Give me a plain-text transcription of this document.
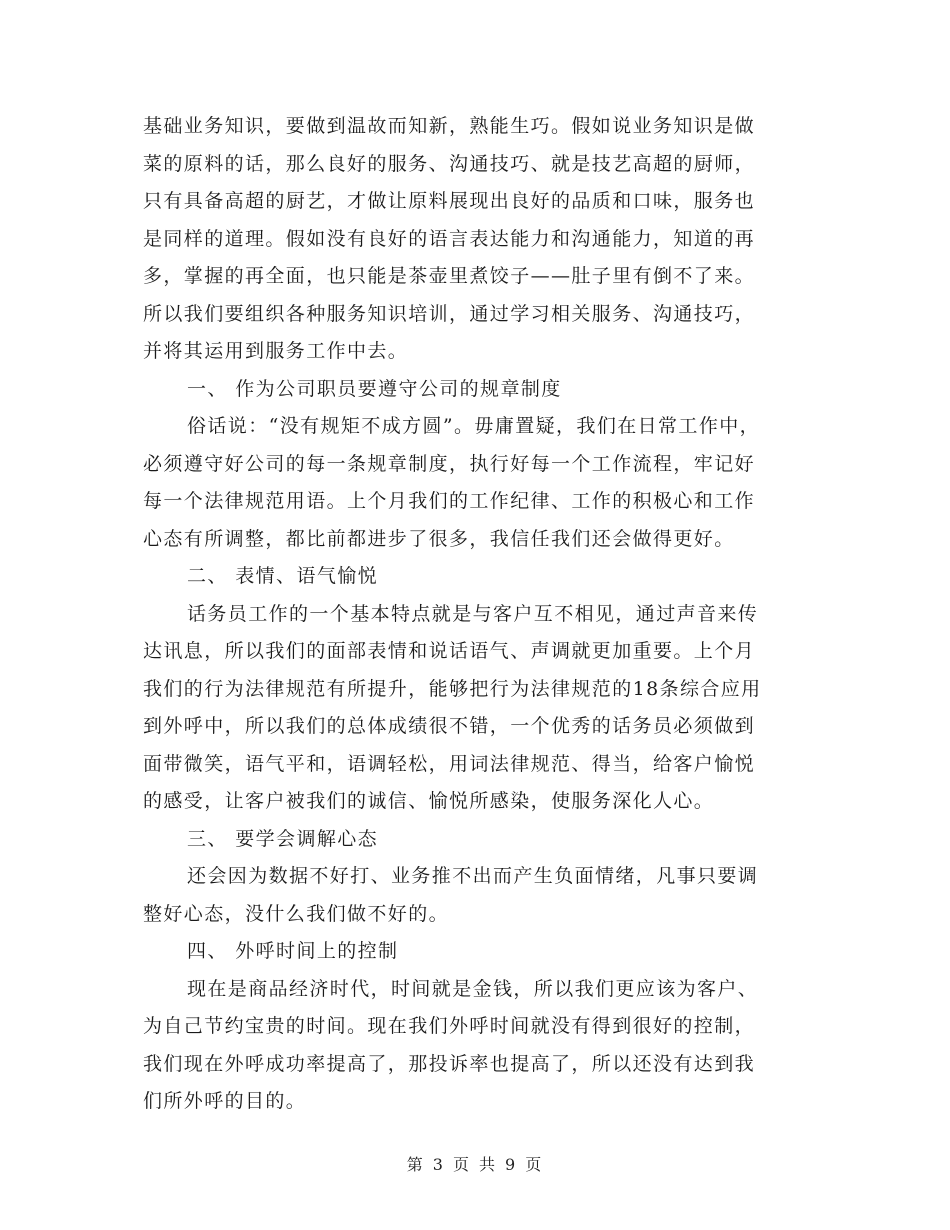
基础业务知识，要做到温故而知新，熟能生巧。假如说业务知识是做
菜的原料的话，那么良好的服务、沟通技巧、就是技艺高超的厨师，
只有具备高超的厨艺，才做让原料展现出良好的品质和口味，服务也
是同样的道理。假如没有良好的语言表达能力和沟通能力，知道的再
多，掌握的再全面，也只能是茶壶里煮饺子——肚子里有倒不了来。
所以我们要组织各种服务知识培训，通过学习相关服务、沟通技巧，
并将其运用到服务工作中去。
一、 作为公司职员要遵守公司的规章制度
俗话说：“没有规矩不成方圆”。毋庸置疑，我们在日常工作中，
必须遵守好公司的每一条规章制度，执行好每一个工作流程，牢记好
每一个法律规范用语。上个月我们的工作纪律、工作的积极心和工作
心态有所调整，都比前都进步了很多，我信任我们还会做得更好。
二、 表情、语气愉悦
话务员工作的一个基本特点就是与客户互不相见，通过声音来传
达讯息，所以我们的面部表情和说话语气、声调就更加重要。上个月
我们的行为法律规范有所提升，能够把行为法律规范的18条综合应用
到外呼中，所以我们的总体成绩很不错，一个优秀的话务员必须做到
面带微笑，语气平和，语调轻松，用词法律规范、得当，给客户愉悦
的感受，让客户被我们的诚信、愉悦所感染，使服务深化人心。
三、 要学会调解心态
还会因为数据不好打、业务推不出而产生负面情绪，凡事只要调
整好心态，没什么我们做不好的。
四、 外呼时间上的控制
现在是商品经济时代，时间就是金钱，所以我们更应该为客户、
为自己节约宝贵的时间。现在我们外呼时间就没有得到很好的控制，
我们现在外呼成功率提高了，那投诉率也提高了，所以还没有达到我
们所外呼的目的。
第 3 页 共 9 页
